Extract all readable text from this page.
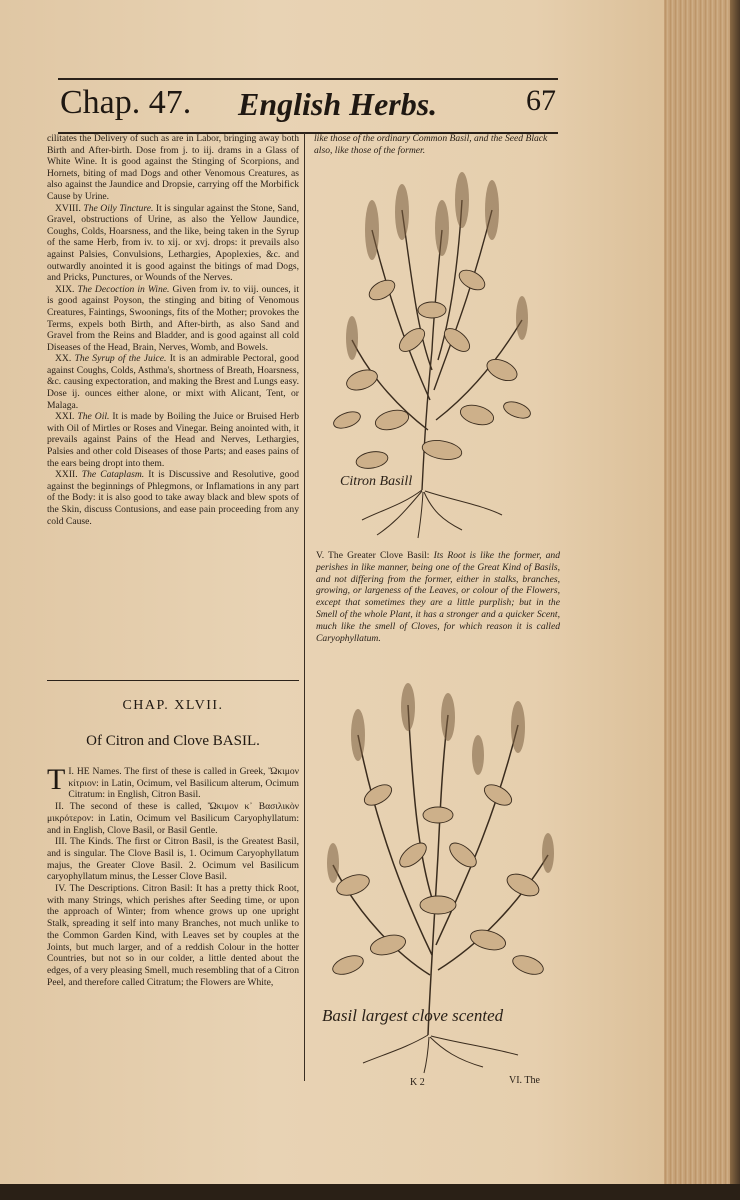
Chap. 47. English Herbs.	67

cilitates the Delivery of such as are in Labor, bringing away both Birth and After-birth. Dose from j. to iij. drams in a Glass of White Wine. It is good against the Stinging of Scorpions, and Hornets, biting of mad Dogs and other Venomous Creatures, as also against the Jaundice and Dropsie, carrying off the Morbifick Cause by Urine.

XVIII. The Oily Tincture. It is singular against the Stone, Sand, Gravel, obstructions of Urine, as also the Yellow Jaundice, Coughs, Colds, Hoarsness, and the like, being taken in the Syrup of the same Herb, from iv. to xij. or xvj. drops: it prevails also against Palsies, Convulsions, Lethargies, Apoplexies, &c. and outwardly anointed it is good against the bitings of mad Dogs, and Pricks, Punctures, or Wounds of the Nerves.

XIX. The Decoction in Wine. Given from iv. to viij. ounces, it is good against Poyson, the stinging and biting of Venomous Creatures, Faintings, Swoonings, fits of the Mother; provokes the Terms, expels both Birth, and After-birth, as also Sand and Gravel from the Reins and Bladder, and is good against all cold Diseases of the Head, Brain, Nerves, Womb, and Bowels.

XX. The Syrup of the Juice. It is an admirable Pectoral, good against Coughs, Colds, Asthma's, shortness of Breath, Hoarsness, &c. causing expectoration, and making the Brest and Lungs easy. Dose ij. ounces either alone, or mixt with Alicant, Tent, or Malaga.

XXI. The Oil. It is made by Boiling the Juice or Bruised Herb with Oil of Mirtles or Roses and Vinegar. Being anointed with, it prevails against Pains of the Head and Nerves, Lethargies, Palsies and other cold Diseases of those Parts; and eases pains of the ears being dropt into them.

XXII. The Cataplasm. It is Discussive and Resolutive, good against the beginnings of Phlegmons, or Inflamations in any part of the Body: it is also good to take away black and blew spots of the Skin, discuss Contusions, and ease pain proceeding from any cold Cause.

CHAP. XLVII.
Of Citron and Clove BASIL.

T I. HE Names. The first of these is called in Greek, Ὤκιμον κίτριον: in Latin, Ocimum, vel Basilicum alterum, Ocimum Citratum: in English, Citron Basil.

II. The second of these is called, Ὤκιμον κ᾿ Βασιλικὸν μικρότερον: in Latin, Ocimum vel Basilicum Caryophyllatum: and in English, Clove Basil, or Basil Gentle.

III. The Kinds. The first or Citron Basil, is the Greatest Basil, and is singular. The Clove Basil is, 1. Ocimum Caryophyllatum majus, the Greater Clove Basil. 2. Ocimum vel Basilicum caryophyllatum minus, the Lesser Clove Basil.

IV. The Descriptions. Citron Basil: It has a pretty thick Root, with many Strings, which perishes after Seeding time, or upon the approach of Winter; from whence grows up one upright Stalk, spreading it self into many Branches, not much unlike to the Common Garden Kind, with Leaves set by couples at the Joints, but much larger, and of a reddish Colour in the hotter Countries, but not so in our colder, a little dented about the edges, of a very pleasing Smell, much resembling that of a Citron Peel, and therefore called Citratum; the Flowers are White,

like those of the ordinary Common Basil, and the Seed Black also, like those of the former.
Citron Basill
V. The Greater Clove Basil: Its Root is like the former, and perishes in like manner, being one of the Great Kind of Basils, and not differing from the former, either in stalks, branches, growing, or largeness of the Leaves, or colour of the Flowers, except that sometimes they are a little purplish; but in the Smell of the whole Plant, it has a stronger and a quicker Scent, much like the smell of Cloves, for which reason it is called Caryophyllatum.
Basil largest clove scented
K 2	VI. The
